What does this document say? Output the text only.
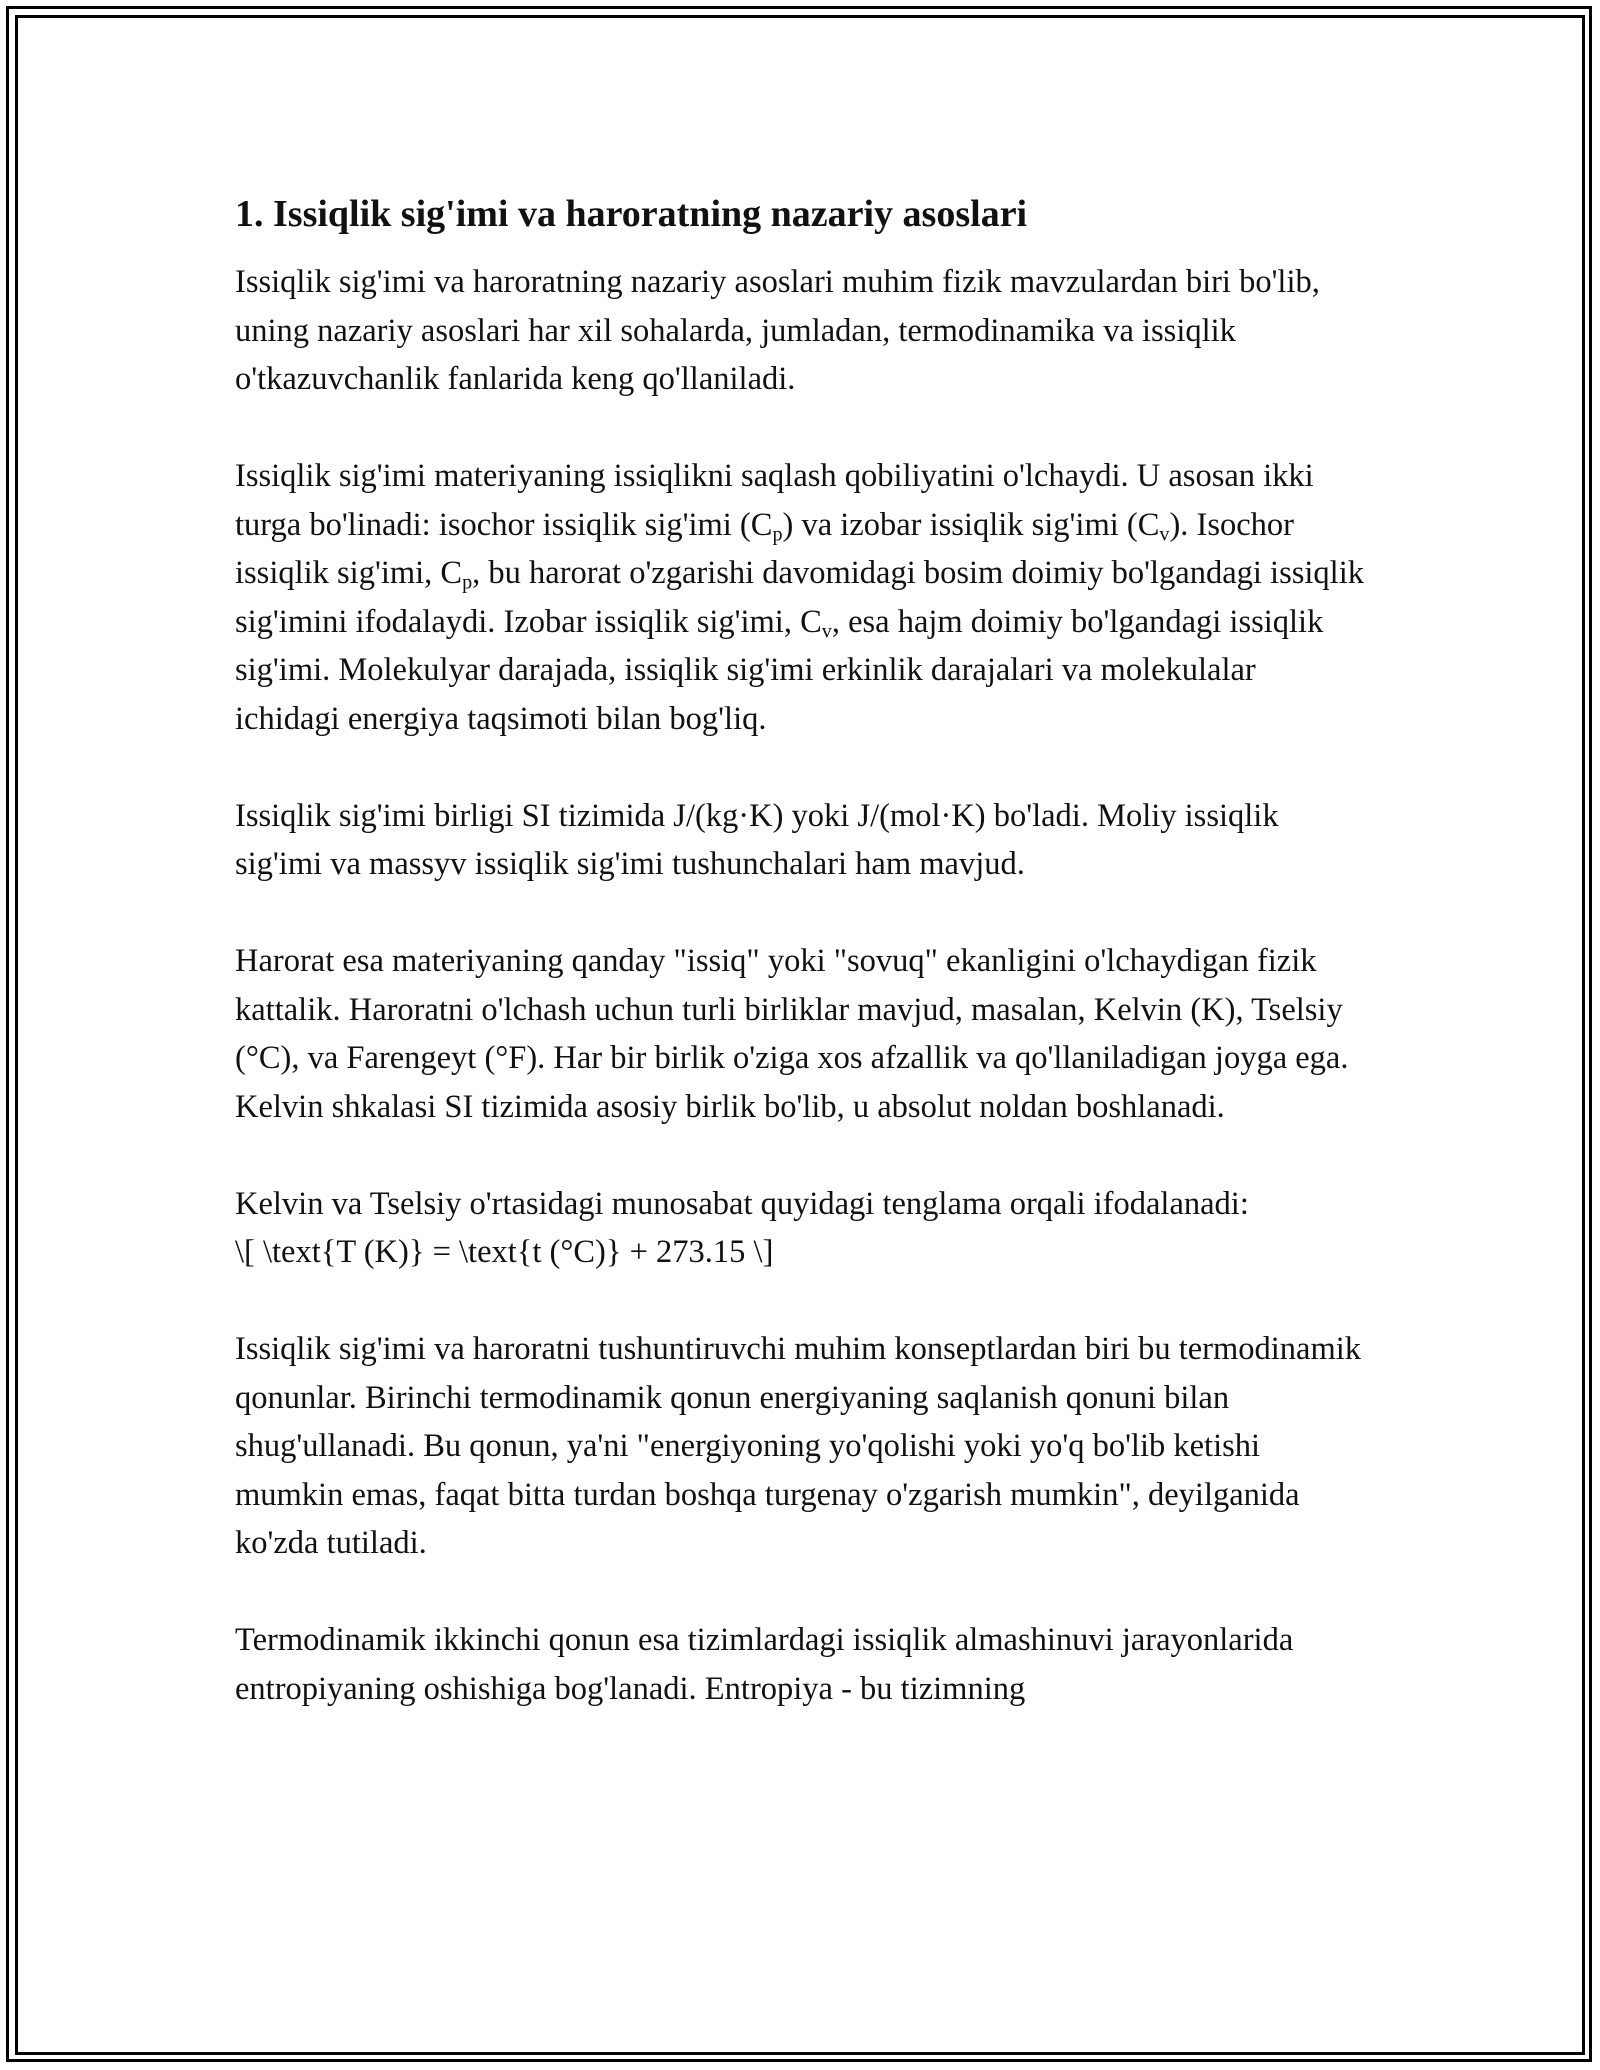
1. Issiqlik sig'imi va haroratning nazariy asoslari

Issiqlik sig'imi va haroratning nazariy asoslari muhim fizik mavzulardan biri bo'lib, uning nazariy asoslari har xil sohalarda, jumladan, termodinamika va issiqlik o'tkazuvchanlik fanlarida keng qo'llaniladi.

Issiqlik sig'imi materiyaning issiqlikni saqlash qobiliyatini o'lchaydi. U asosan ikki turga bo'linadi: isochor issiqlik sig'imi $(C_p)$ va izobar issiqlik sig'imi $(C_v)$. Isochor issiqlik sig'imi, $C_p$, bu harorat o'zgarishi davomidagi bosim doimiy bo'lgandagi issiqlik sig'imini ifodalaydi. Izobar issiqlik sig'imi, $C_v$, esa hajm doimiy bo'lgandagi issiqlik sig'imi. Molekulyar darajada, issiqlik sig'imi erkinlik darajalari va molekulalar ichidagi energiya taqsimoti bilan bog'liq.

Issiqlik sig'imi birligi SI tizimida J/(kg·K) yoki J/(mol·K) bo'ladi. Moliy issiqlik sig'imi va massyv issiqlik sig'imi tushunchalari ham mavjud.

Harorat esa materiyaning qanday "issiq" yoki "sovuq" ekanligini o'lchaydigan fizik kattalik. Haroratni o'lchash uchun turli birliklar mavjud, masalan, Kelvin (K), Tselsiy (°C), va Farengeyt (°F). Har bir birlik o'ziga xos afzallik va qo'llaniladigan joyga ega. Kelvin shkalasi SI tizimida asosiy birlik bo'lib, u absolut noldan boshlanadi.

Kelvin va Tselsiy o'rtasidagi munosabat quyidagi tenglama orqali ifodalanadi:
\[ \text{T (K)} = \text{t (°C)} + 273.15 \]

Issiqlik sig'imi va haroratni tushuntiruvchi muhim konseptlardan biri bu termodinamik qonunlar. Birinchi termodinamik qonun energiyaning saqlanish qonuni bilan shug'ullanadi. Bu qonun, ya'ni "energiyoning yo'qolishi yoki yo'q bo'lib ketishi mumkin emas, faqat bitta turdan boshqa turgenay o'zgarish mumkin", deyilganida ko'zda tutiladi.

Termodinamik ikkinchi qonun esa tizimlardagi issiqlik almashinuvi jarayonlarida entropiyaning oshishiga bog'lanadi. Entropiya - bu tizimning
